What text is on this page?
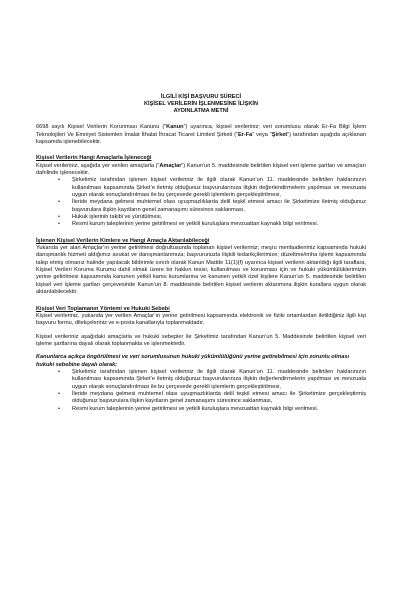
İLGİLİ KİŞİ BAŞVURU SÜRECİ
KİŞİSEL VERİLERİN İŞLENMESİNE İLİŞKİN
AYDINLATMA METNİ

6698 sayılı Kişisel Verilerin Korunması Kanunu (“Kanun”) uyarınca, kişisel verileriniz; veri sorumlusu olarak Er-Fa Bilgi İşlem Teknolojileri Ve Emniyet Sistemleri İmalat İthalat İhracat Ticaret Limited Şirketi (“Er-Fa” veya “Şirket”) tarafından aşağıda açıklanan kapsamda işlenebilecektir.

Kişisel Verilerin Hangi Amaçlarla İşleneceği

Kişisel verileriniz, aşağıda yer verilen amaçlarla (“Amaçlar”) Kanun’un 5. maddesinde belirtilen kişisel veri işleme şartları ve amaçları dahilinde işlenecektir.

• Şirketimiz tarafından işlenen kişisel verileriniz ile ilgili olarak Kanun’un 11. maddesinde belirtilen haklarınızın kullanılması kapsamında Şirket’e iletmiş olduğunuz başvurularınıza ilişkin değerlendirmelerin yapılması ve mevzuata uygun olarak sonuçlandırılması ile bu çerçevede gerekli işlemlerin gerçekleştirilmesi,
• İleride meydana gelmesi muhtemel olası uyuşmazlıklarda delil teşkil etmesi amacı ile Şirketimize iletmiş olduğunuz başvurulara ilişkin kayıtların genel zamanaşımı süresince saklanması,
• Hukuk işlerinin takibi ve yürütülmesi,
• Resmi kurum taleplerinin yerine getirilmesi ve yetkili kuruluşlara mevzuattan kaynaklı bilgi verilmesi.

İşlenen Kişisel Verilerin Kimlere ve Hangi Amaçla Aktarılabileceği

Yukarıda yer alan Amaçlar’ın yerine getirilmesi doğrultusunda toplanan kişisel verileriniz; meşru menfaatlerimiz kapsamında hukuki danışmanlık hizmeti aldığımız avukat ve danışmanlarımıza; başvurunuzla ilişkili tedarikçilerimize; düzeltme/imha işlemi kapsamında talep etmiş olmanız halinde yapılacak bildirimle sınırlı olarak Kanun Madde 11(1)(f) uyarınca kişisel verilerin aktarıldığı ilgili taraflara, Kişisel Verileri Koruma Kurumu dahil olmak üzere bir hakkın tesisi, kullanılması ve korunması için ve hukuki yükümlülüklerimizin yerine getirilmesi kapsamında kanunen yetkili kamu kurumlarına ve kanunen yetkili özel kişilere Kanun’un 5. maddesinde belirtilen kişisel veri işleme şartları çerçevesinde Kanun’un 8. maddesinde belirtilen kişisel verilerin aktarımına ilişkin kurallara uygun olarak aktarılabilecektir.

Kişisel Veri Toplamanın Yöntemi ve Hukuki Sebebi

Kişisel verileriniz, yukarıda yer verilen Amaçlar’ın yerine getirilmesi kapsamında elektronik ve fiziki ortamlardan iletildiğiniz ilgili kişi başvuru formu, dilekçeleriniz ve e-posta kanallarıyla toplanmaktadır.

Kişisel verileriniz aşağıdaki amaçlarla ve hukuki sebepler ile Şirketimiz tarafından Kanun’un 5. Maddesinde belirtilen kişisel veri işleme şartlarına dayalı olarak toplanmakta ve işlenmektedir.

Kanunlarca açıkça öngörülmesi ve veri sorumlusunun hukuki yükümlülüğünü yerine getirebilmesi için zorunlu olması hukuki sebebine dayalı olarak;

• Şirketimiz tarafından işlenen kişisel verileriniz ile ilgili olarak Kanun’un 11. maddesinde belirtilen haklarınızın kullanılması kapsamında Şirket’e iletmiş olduğunuz başvurularınıza ilişkin değerlendirmelerin yapılması ve mevzuata uygun olarak sonuçlandırılması ile bu çerçevede gerekli işlemlerin gerçekleştirilmesi,
• İleride meydana gelmesi muhtemel olası uyuşmazlıklarda delil teşkil etmesi amacı ile Şirketimize gerçekleştirmiş olduğunuz başvurulara ilişkin kayıtların genel zamanaşımı süresince saklanması,
• Resmi kurum taleplerinin yerine getirilmesi ve yetkili kuruluşlara mevzuattan kaynaklı bilgi verilmesi.
